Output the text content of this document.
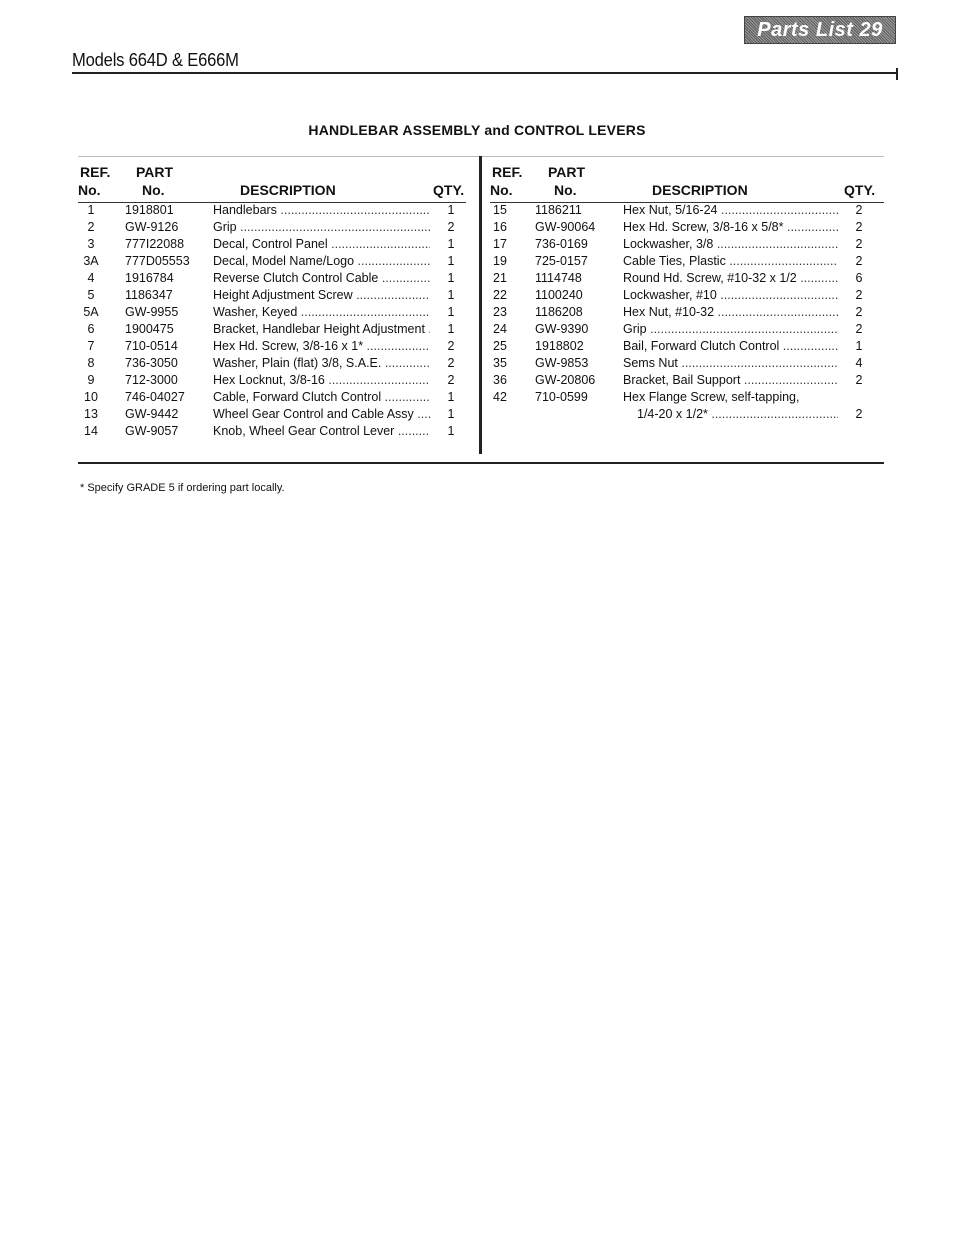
Models 664D & E666M
Parts List 29
HANDLEBAR ASSEMBLY and CONTROL LEVERS
REF.
No.
PART
No.	DESCRIPTION	QTY.
1	1918801	Handlebars .....	1
2	GW-9126	Grip .....	2
3	777I22088 Decal, Control Panel .....	1
3A	777D05553 Decal, Model Name/Logo .....	1
4	1916784	Reverse Clutch Control Cable .....	1
5	1186347	Height Adjustment Screw .....	1
5A	GW-9955	Washer, Keyed .....	1
6	1900475	Bracket, Handlebar Height Adjustment .....	1
7	710-0514	Hex Hd. Screw, 3/8-16 x 1* .....	2
8	736-3050	Washer, Plain (flat) 3/8, S.A.E. .....	2
9	712-3000	Hex Locknut, 3/8-16 .....	2
10	746-04027 Cable, Forward Clutch Control .....	1
13	GW-9442	Wheel Gear Control and Cable Assy .....	1
14	GW-9057	Knob, Wheel Gear Control Lever .....	1
REF.
No.
PART
No.	DESCRIPTION	QTY.
15 1186211	Hex Nut, 5/16-24 .....	2
16 GW-90064 Hex Hd. Screw, 3/8-16 x 5/8* .....	2
17 736-0169	Lockwasher, 3/8 .....	2
19 725-0157	Cable Ties, Plastic .....	2
21 1114748	Round Hd. Screw, #10-32 x 1/2 .....	6
22 1100240	Lockwasher, #10 .....	2
23 1186208	Hex Nut, #10-32 .....	2
24 GW-9390	Grip .....	2
25 1918802	Bail, Forward Clutch Control .....	1
35 GW-9853	Sems Nut .....	4
36 GW-20806 Bracket, Bail Support .....	2
42 710-0599	Hex Flange Screw, self-tapping,
1/4-20 x 1/2* .....	2
* Specify GRADE 5 if ordering part locally.
